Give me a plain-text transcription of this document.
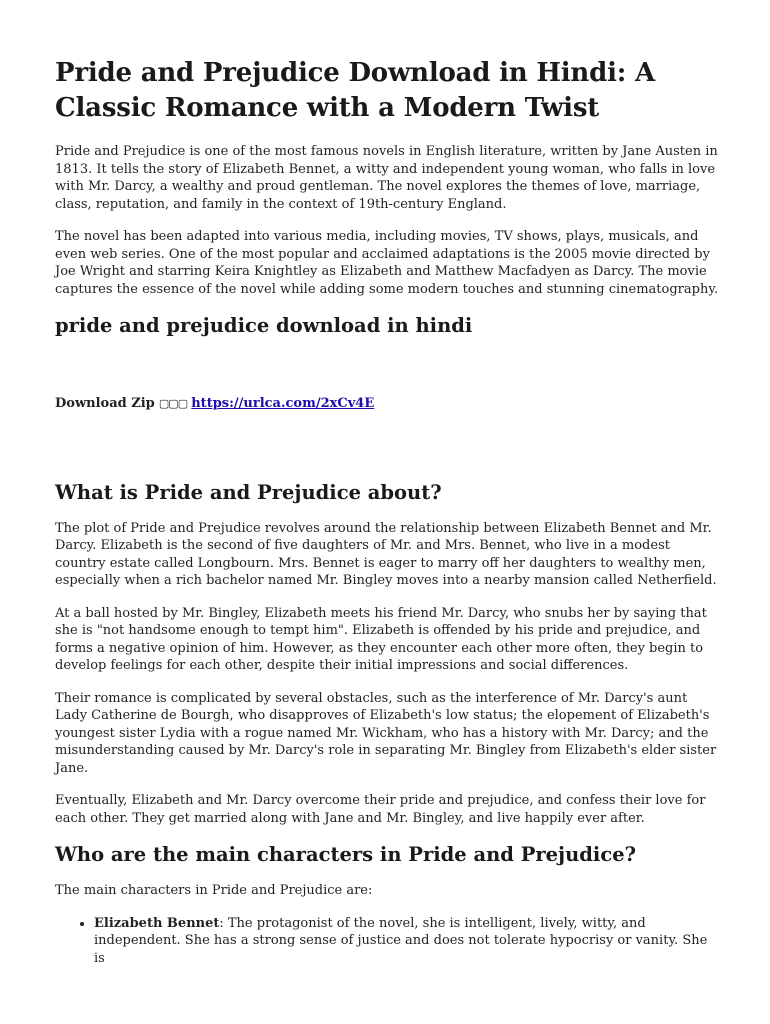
Pride and Prejudice Download in Hindi: A Classic Romance with a Modern Twist

Pride and Prejudice is one of the most famous novels in English literature, written by Jane Austen in 1813. It tells the story of Elizabeth Bennet, a witty and independent young woman, who falls in love with Mr. Darcy, a wealthy and proud gentleman. The novel explores the themes of love, marriage, class, reputation, and family in the context of 19th-century England.

The novel has been adapted into various media, including movies, TV shows, plays, musicals, and even web series. One of the most popular and acclaimed adaptations is the 2005 movie directed by Joe Wright and starring Keira Knightley as Elizabeth and Matthew Macfadyen as Darcy. The movie captures the essence of the novel while adding some modern touches and stunning cinematography.

pride and prejudice download in hindi
Download Zip ▢▢▢ https://urlca.com/2xCv4E
What is Pride and Prejudice about?

The plot of Pride and Prejudice revolves around the relationship between Elizabeth Bennet and Mr. Darcy. Elizabeth is the second of five daughters of Mr. and Mrs. Bennet, who live in a modest country estate called Longbourn. Mrs. Bennet is eager to marry off her daughters to wealthy men, especially when a rich bachelor named Mr. Bingley moves into a nearby mansion called Netherfield.

At a ball hosted by Mr. Bingley, Elizabeth meets his friend Mr. Darcy, who snubs her by saying that she is "not handsome enough to tempt him". Elizabeth is offended by his pride and prejudice, and forms a negative opinion of him. However, as they encounter each other more often, they begin to develop feelings for each other, despite their initial impressions and social differences.

Their romance is complicated by several obstacles, such as the interference of Mr. Darcy's aunt Lady Catherine de Bourgh, who disapproves of Elizabeth's low status; the elopement of Elizabeth's youngest sister Lydia with a rogue named Mr. Wickham, who has a history with Mr. Darcy; and the misunderstanding caused by Mr. Darcy's role in separating Mr. Bingley from Elizabeth's elder sister Jane.

Eventually, Elizabeth and Mr. Darcy overcome their pride and prejudice, and confess their love for each other. They get married along with Jane and Mr. Bingley, and live happily ever after.

Who are the main characters in Pride and Prejudice?

The main characters in Pride and Prejudice are:

• Elizabeth Bennet: The protagonist of the novel, she is intelligent, lively, witty, and independent. She has a strong sense of justice and does not tolerate hypocrisy or vanity. She is
